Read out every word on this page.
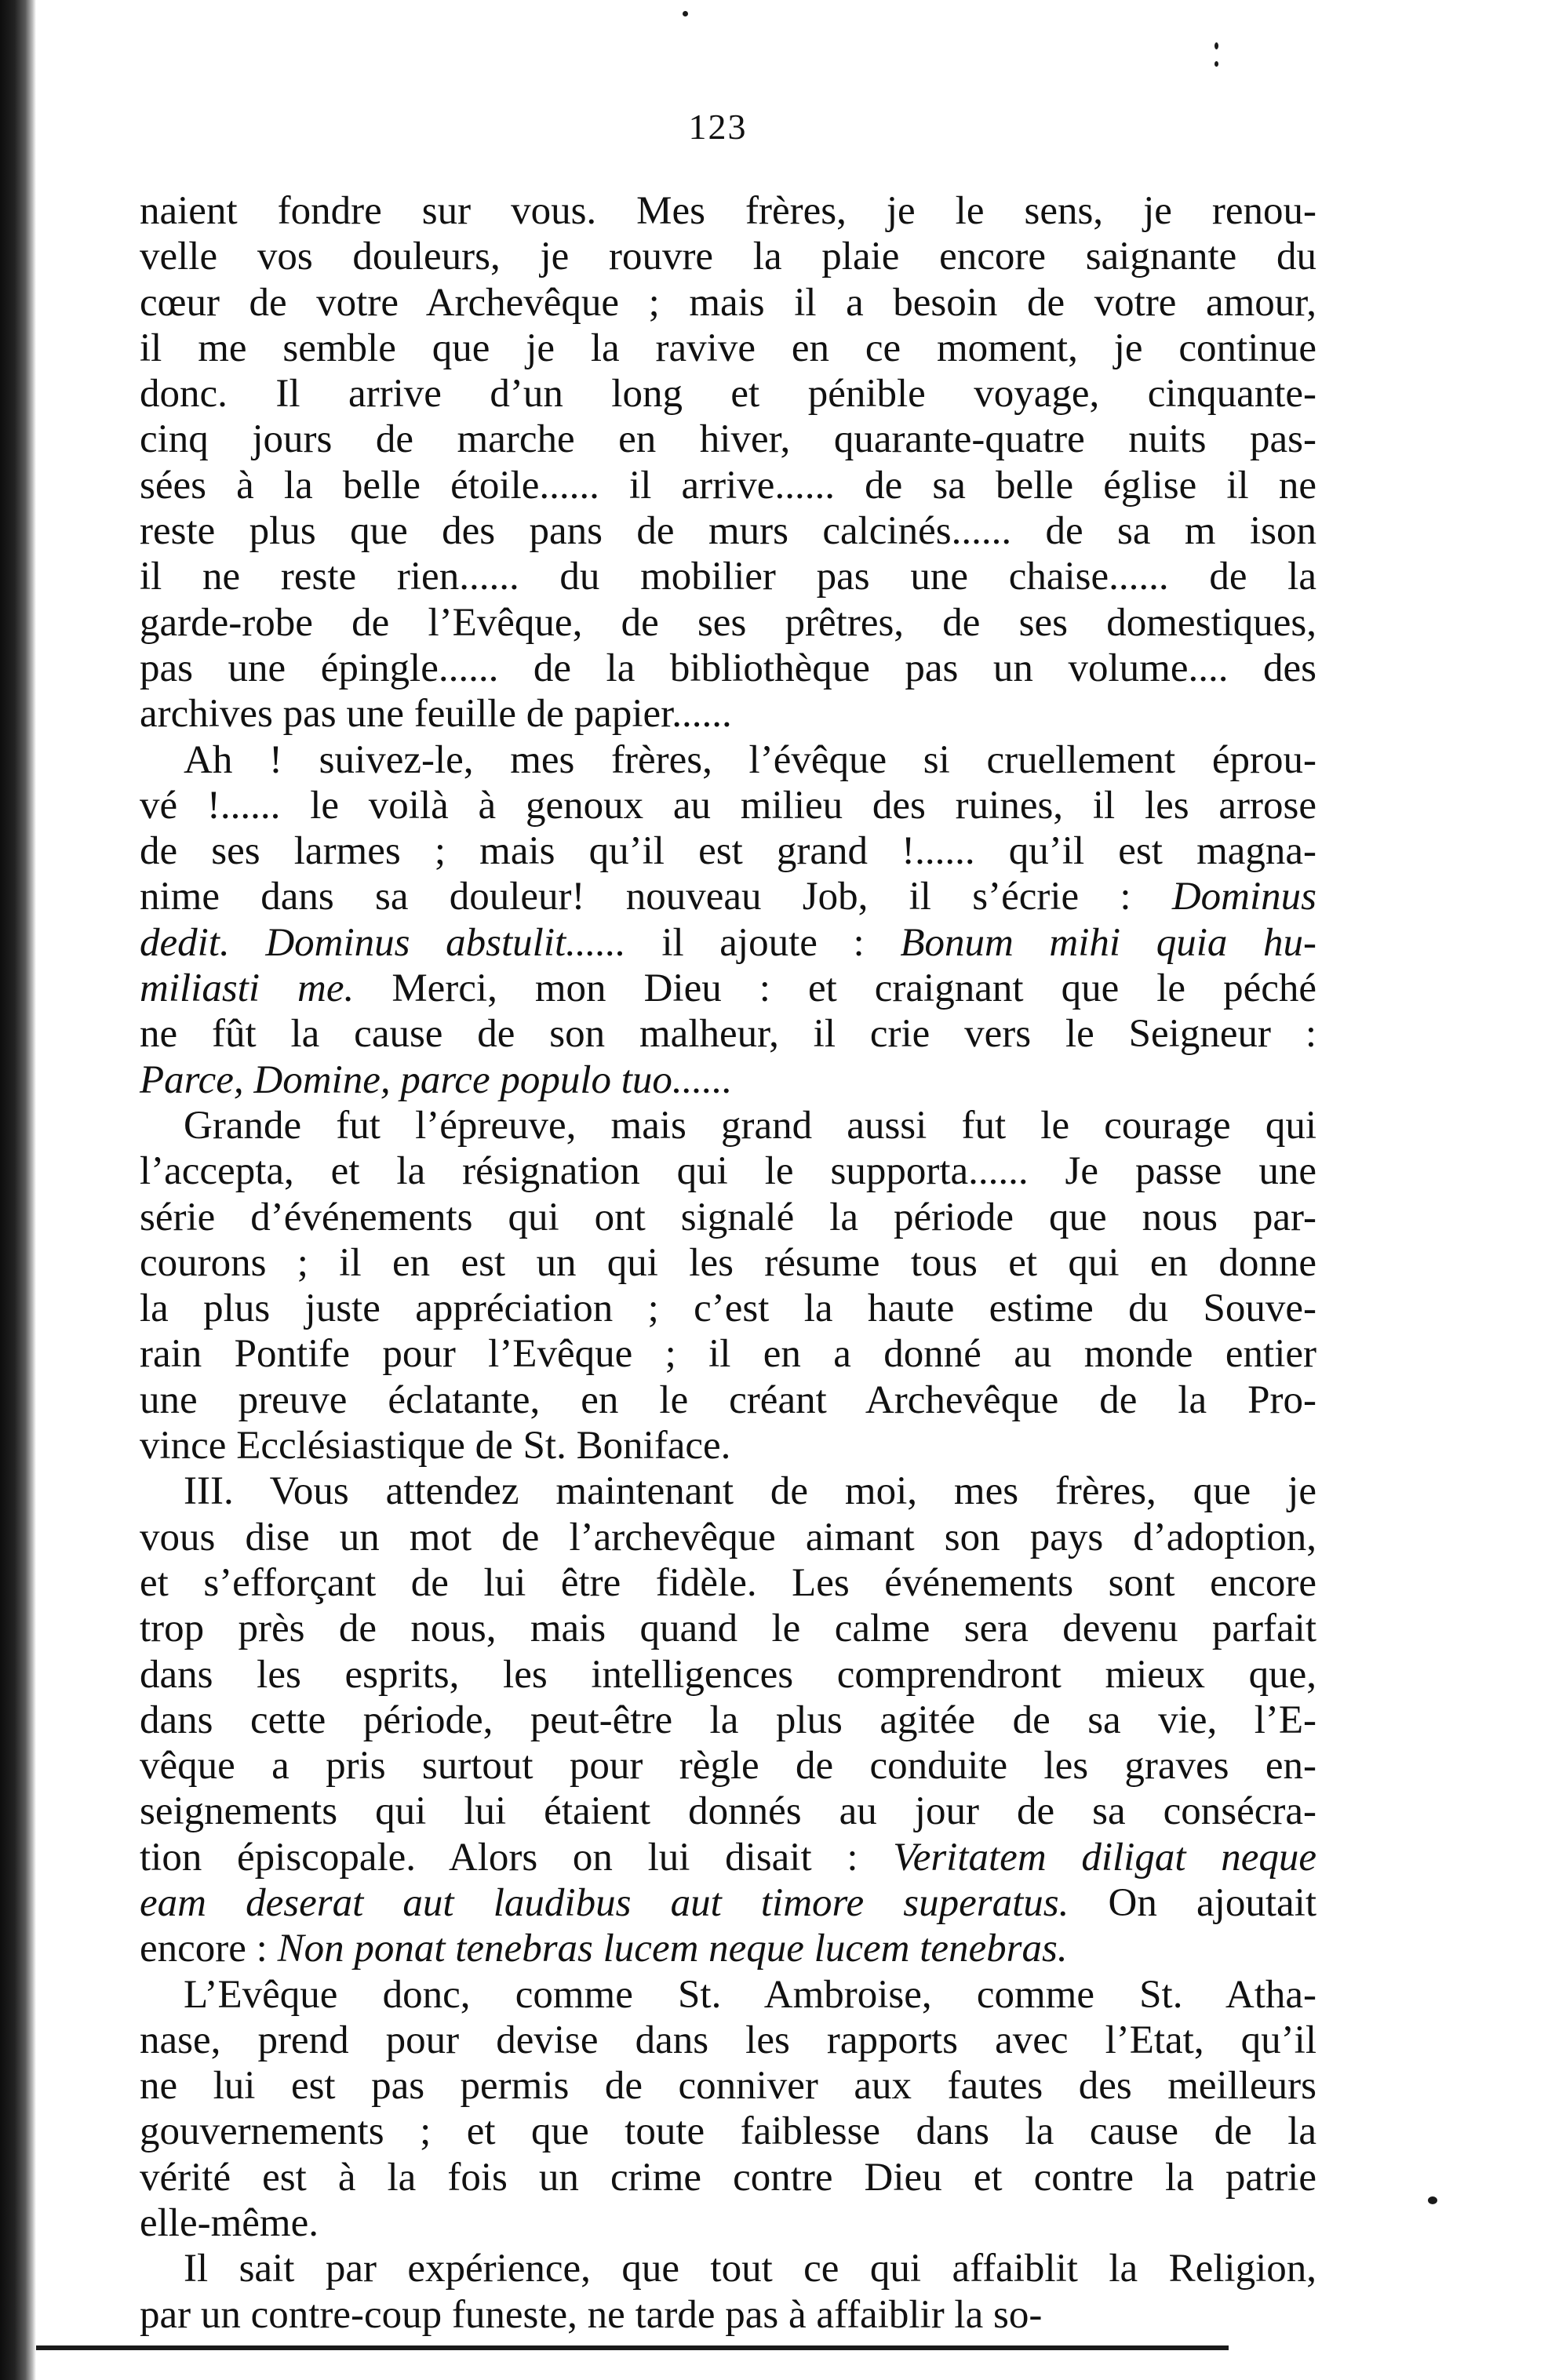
123
naient fondre sur vous. Mes frères, je le sens, je renou-
velle vos douleurs, je rouvre la plaie encore saignante du
cœur de votre Archevêque ; mais il a besoin de votre amour,
il me semble que je la ravive en ce moment, je continue
donc. Il arrive d’un long et pénible voyage, cinquante-
cinq jours de marche en hiver, quarante-quatre nuits pas-
sées à la belle étoile...... il arrive...... de sa belle église il ne
reste plus que des pans de murs calcinés...... de sa m ison
il ne reste rien...... du mobilier pas une chaise...... de la
garde-robe de l’Evêque, de ses prêtres, de ses domestiques,
pas une épingle...... de la bibliothèque pas un volume.... des
archives pas une feuille de papier......
Ah ! suivez-le, mes frères, l’évêque si cruellement éprou-
vé !...... le voilà à genoux au milieu des ruines, il les arrose
de ses larmes ; mais qu’il est grand !...... qu’il est magna-
nime dans sa douleur! nouveau Job, il s’écrie : Dominus
dedit. Dominus abstulit...... il ajoute : Bonum mihi quia hu-
miliasti me. Merci, mon Dieu : et craignant que le péché
ne fût la cause de son malheur, il crie vers le Seigneur :
Parce, Domine, parce populo tuo......
Grande fut l’épreuve, mais grand aussi fut le courage qui
l’accepta, et la résignation qui le supporta...... Je passe une
série d’événements qui ont signalé la période que nous par-
courons ; il en est un qui les résume tous et qui en donne
la plus juste appréciation ; c’est la haute estime du Souve-
rain Pontife pour l’Evêque ; il en a donné au monde entier
une preuve éclatante, en le créant Archevêque de la Pro-
vince Ecclésiastique de St. Boniface.
III. Vous attendez maintenant de moi, mes frères, que je
vous dise un mot de l’archevêque aimant son pays d’adoption,
et s’efforçant de lui être fidèle. Les événements sont encore
trop près de nous, mais quand le calme sera devenu parfait
dans les esprits, les intelligences comprendront mieux que,
dans cette période, peut-être la plus agitée de sa vie, l’E-
vêque a pris surtout pour règle de conduite les graves en-
seignements qui lui étaient donnés au jour de sa consécra-
tion épiscopale. Alors on lui disait : Veritatem diligat neque
eam deserat aut laudibus aut timore superatus. On ajoutait
encore : Non ponat tenebras lucem neque lucem tenebras.
L’Evêque donc, comme St. Ambroise, comme St. Atha-
nase, prend pour devise dans les rapports avec l’Etat, qu’il
ne lui est pas permis de conniver aux fautes des meilleurs
gouvernements ; et que toute faiblesse dans la cause de la
vérité est à la fois un crime contre Dieu et contre la patrie
elle-même.
Il sait par expérience, que tout ce qui affaiblit la Religion,
par un contre-coup funeste, ne tarde pas à affaiblir la so-
